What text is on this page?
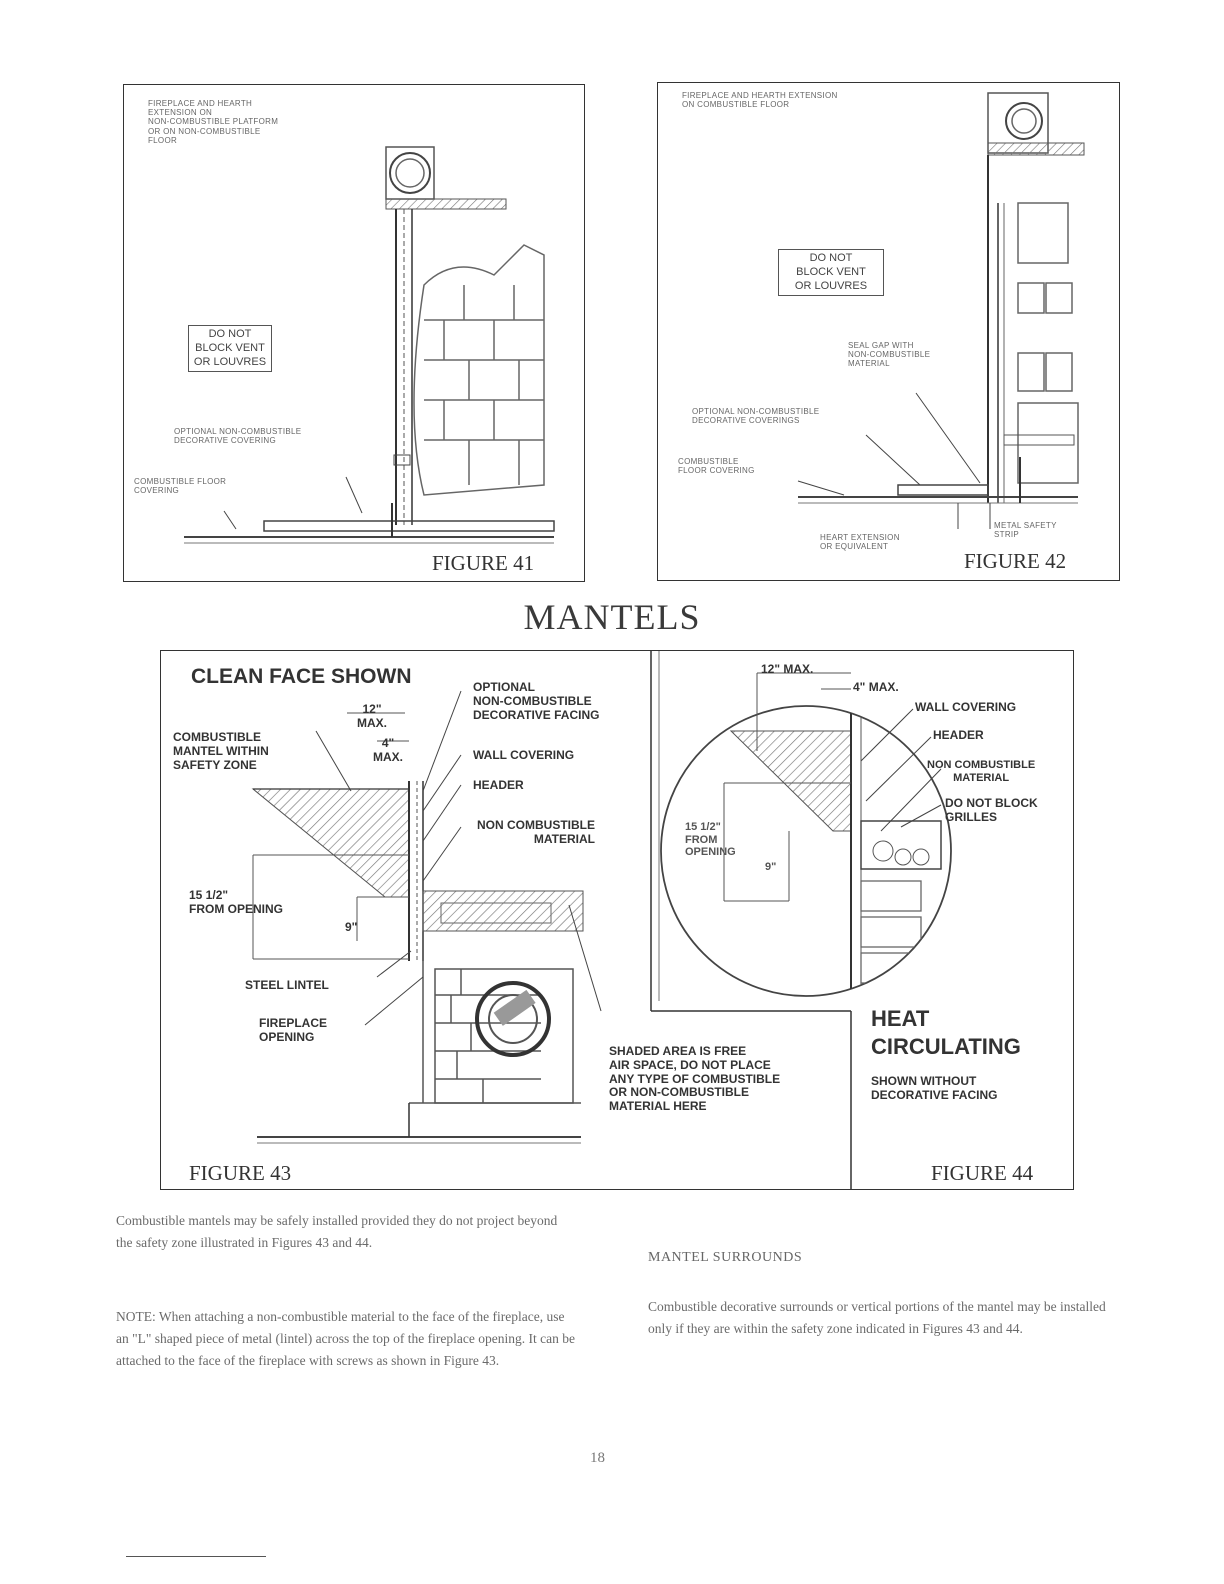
FIREPLACE AND HEARTH
EXTENSION ON
NON-COMBUSTIBLE PLATFORM
OR ON NON-COMBUSTIBLE
FLOOR
DO NOT
BLOCK VENT
OR LOUVRES
OPTIONAL NON-COMBUSTIBLE
DECORATIVE COVERING
COMBUSTIBLE FLOOR
COVERING
FIGURE 41
FIREPLACE AND HEARTH EXTENSION
ON COMBUSTIBLE FLOOR
DO NOT
BLOCK VENT
OR LOUVRES
SEAL GAP WITH
NON-COMBUSTIBLE
MATERIAL
OPTIONAL NON-COMBUSTIBLE
DECORATIVE COVERINGS
COMBUSTIBLE
FLOOR COVERING
HEART EXTENSION
OR EQUIVALENT
METAL SAFETY
STRIP
FIGURE 42
MANTELS
CLEAN FACE SHOWN
COMBUSTIBLE
MANTEL WITHIN
SAFETY ZONE
12"
MAX.
4"
MAX.
OPTIONAL
NON-COMBUSTIBLE
DECORATIVE FACING
WALL COVERING
HEADER
NON COMBUSTIBLE
MATERIAL
15 1/2"
FROM OPENING
9"
STEEL LINTEL
FIREPLACE
OPENING
SHADED AREA IS FREE
AIR SPACE, DO NOT PLACE
ANY TYPE OF COMBUSTIBLE
OR NON-COMBUSTIBLE
MATERIAL HERE
FIGURE 43
12" MAX.
4" MAX.
WALL COVERING
HEADER
NON COMBUSTIBLE
MATERIAL
DO NOT BLOCK
GRILLES
15 1/2"
FROM
OPENING
9"
HEAT
CIRCULATING
SHOWN WITHOUT
DECORATIVE FACING
FIGURE 44
Combustible mantels may be safely installed provided they do not project beyond the safety zone illustrated in Figures 43 and 44.
NOTE: When attaching a non-combustible material to the face of the fireplace, use an "L" shaped piece of metal (lintel) across the top of the fireplace opening. It can be attached to the face of the fireplace with screws as shown in Figure 43.
MANTEL SURROUNDS
Combustible decorative surrounds or vertical portions of the mantel may be installed only if they are within the safety zone indicated in Figures 43 and 44.
18
